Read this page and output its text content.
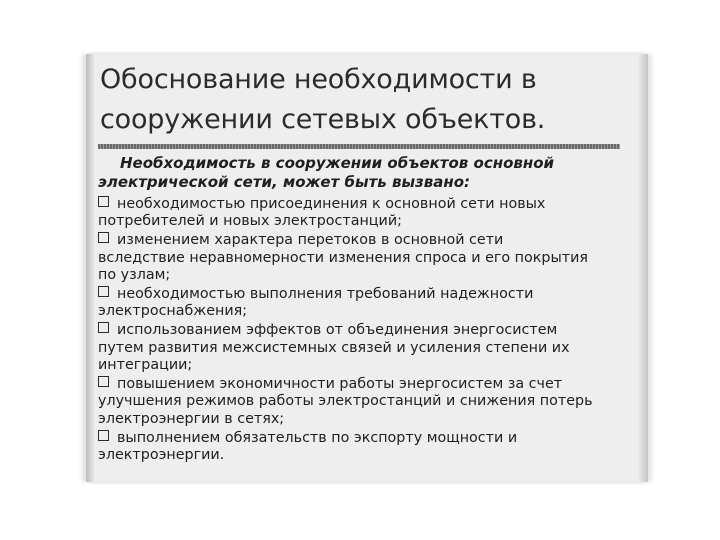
Обоснование необходимости в
сооружении сетевых объектов.

Необходимость в сооружении объектов основной
электрической сети, может быть вызвано:

необходимостью присоединения к основной сети новых
потребителей и новых электростанций;
изменением характера перетоков в основной сети
вследствие неравномерности изменения спроса и его покрытия
по узлам;
необходимостью выполнения требований надежности
электроснабжения;
использованием эффектов от объединения энергосистем
путем развития межсистемных связей и усиления степени их
интеграции;
повышением экономичности работы энергосистем за счет
улучшения режимов работы электростанций и снижения потерь
электроэнергии в сетях;
выполнением обязательств по экспорту мощности и
электроэнергии.
